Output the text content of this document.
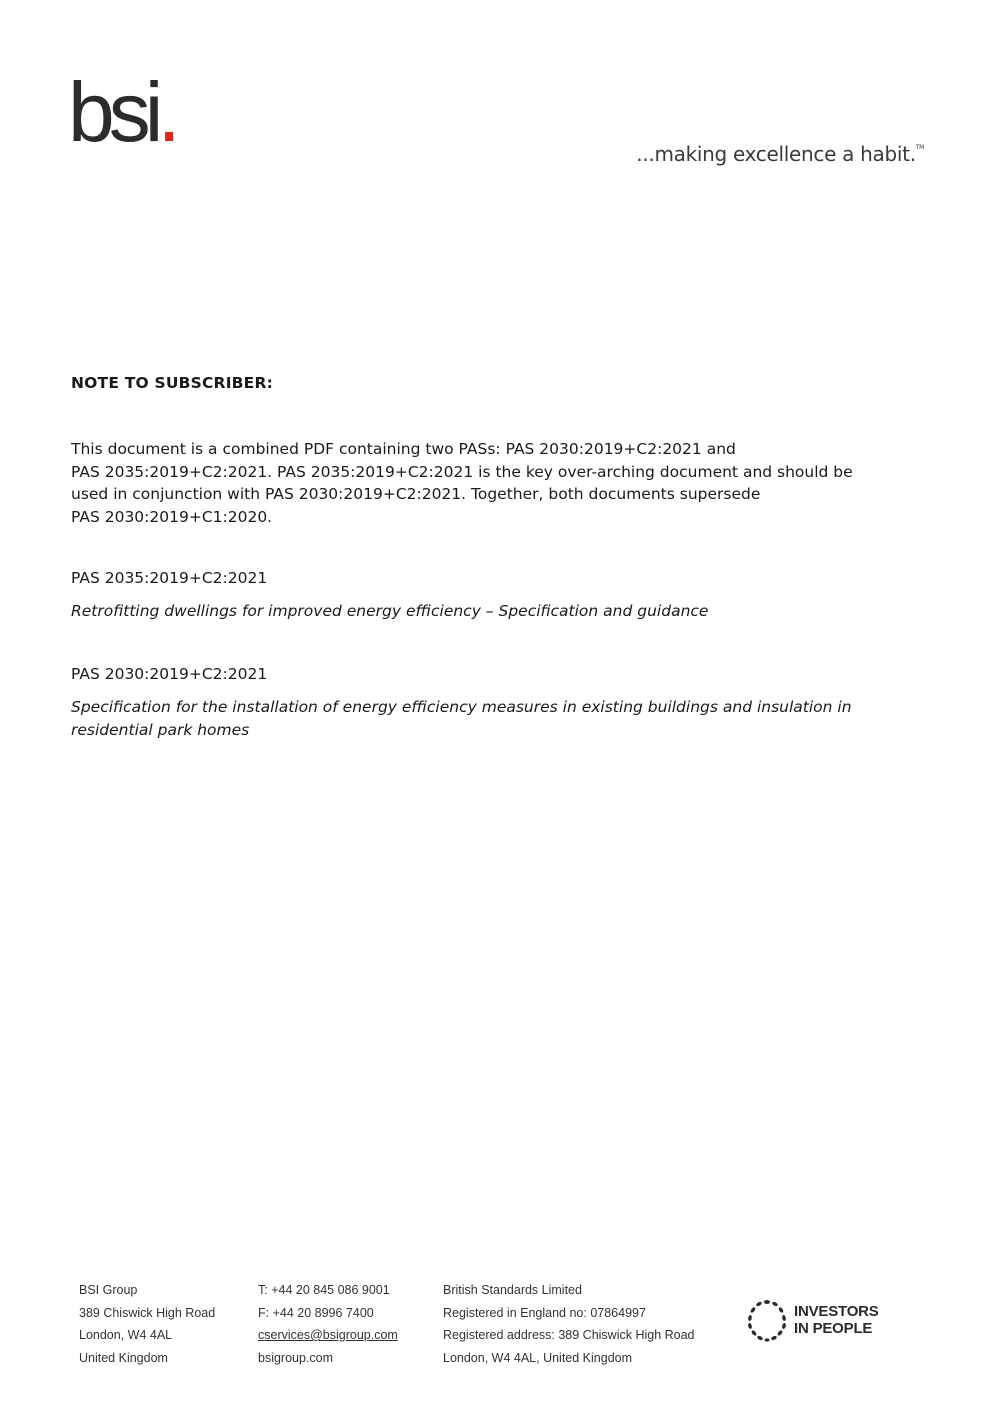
bsi.	...making excellence a habit.™
NOTE TO SUBSCRIBER:
This document is a combined PDF containing two PASs: PAS 2030:2019+C2:2021 and
PAS 2035:2019+C2:2021. PAS 2035:2019+C2:2021 is the key over-arching document and should be
used in conjunction with PAS 2030:2019+C2:2021. Together, both documents supersede
PAS 2030:2019+C1:2020.
PAS 2035:2019+C2:2021
Retrofitting dwellings for improved energy efficiency – Specification and guidance
PAS 2030:2019+C2:2021
Specification for the installation of energy efficiency measures in existing buildings and insulation in
residential park homes
BSI Group
389 Chiswick High Road
London, W4 4AL
United Kingdom
T: +44 20 845 086 9001
F: +44 20 8996 7400
cservices@bsigroup.com
bsigroup.com
British Standards Limited
Registered in England no: 07864997
Registered address: 389 Chiswick High Road
London, W4 4AL, United Kingdom
INVESTORS
IN PEOPLE
